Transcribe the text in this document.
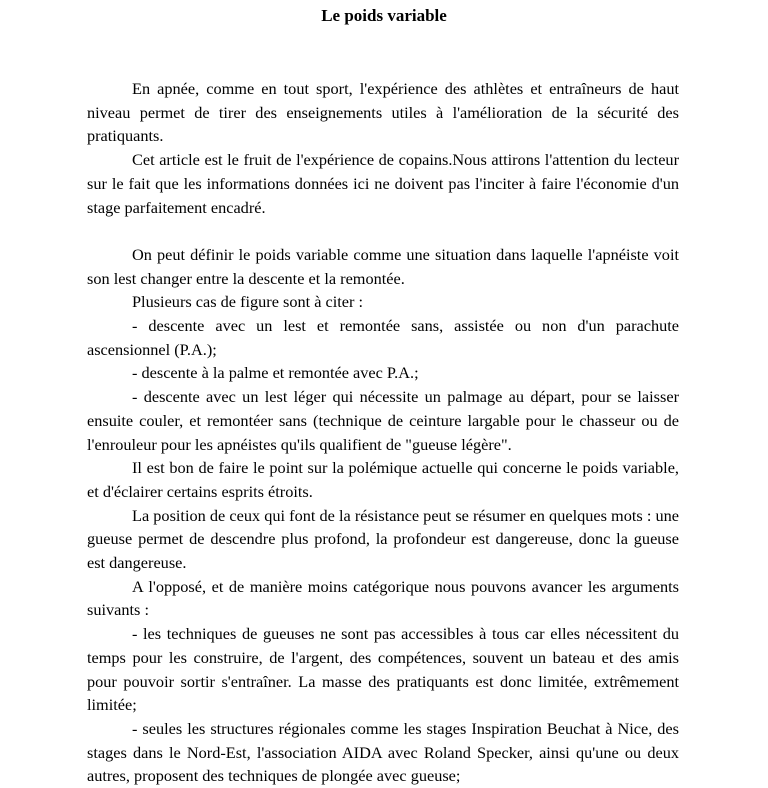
Le poids variable

En apnée, comme en tout sport, l'expérience des athlètes et entraîneurs de haut niveau permet de tirer des enseignements utiles à l'amélioration de la sécurité des pratiquants.

Cet article est le fruit de l'expérience de copains.Nous attirons l'attention du lecteur sur le fait que les informations données ici ne doivent pas l'inciter à faire l'économie d'un stage parfaitement encadré.

On peut définir le poids variable comme une situation dans laquelle l'apnéiste voit son lest changer entre la descente et la remontée.

Plusieurs cas de figure sont à citer :

- descente avec un lest et remontée sans, assistée ou non d'un parachute ascensionnel (P.A.);

- descente à la palme et remontée avec P.A.;

- descente avec un lest léger qui nécessite un palmage au départ, pour se laisser ensuite couler, et remontéer sans (technique de ceinture largable pour le chasseur ou de l'enrouleur pour les apnéistes qu'ils qualifient de "gueuse légère".

Il est bon de faire le point sur la polémique actuelle qui concerne le poids variable, et d'éclairer certains esprits étroits.

La position de ceux qui font de la résistance peut se résumer en quelques mots : une gueuse permet de descendre plus profond, la profondeur est dangereuse, donc la gueuse est dangereuse.

A l'opposé, et de manière moins catégorique nous pouvons avancer les arguments suivants :

- les techniques de gueuses ne sont pas accessibles à tous car elles nécessitent du temps pour les construire, de l'argent, des compétences, souvent un bateau et des amis pour pouvoir sortir s'entraîner. La masse des pratiquants est donc limitée, extrêmement limitée;

- seules les structures régionales comme les stages Inspiration Beuchat à Nice, des stages dans le Nord-Est, l'association AIDA avec Roland Specker, ainsi qu'une ou deux autres, proposent des techniques de plongée avec gueuse;
